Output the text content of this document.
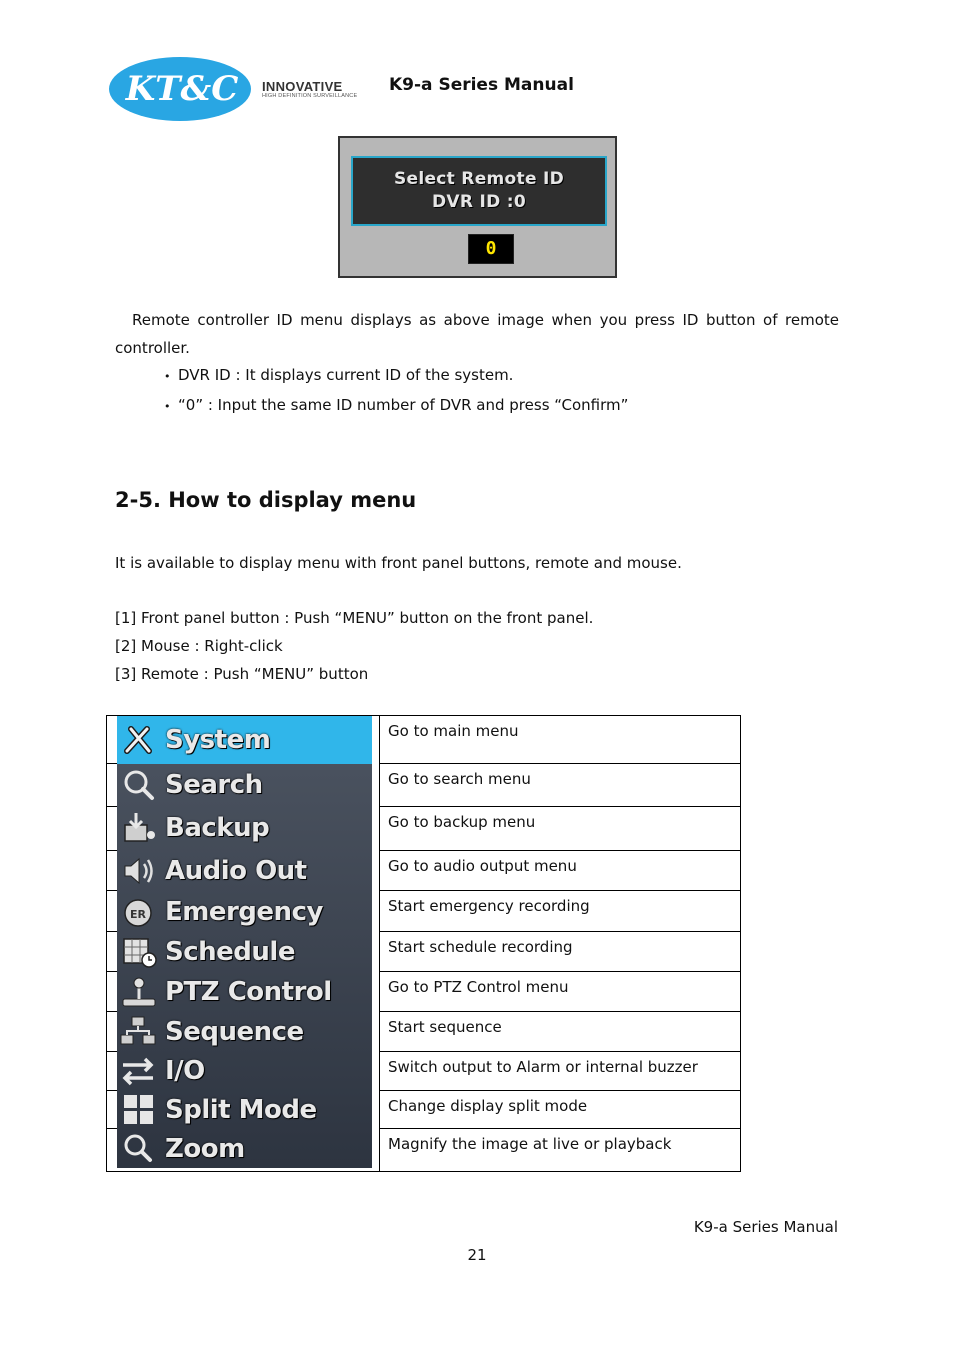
KT&C INNOVATIVE
HIGH DEFINITION SURVEILLANCE
K9-a Series Manual
Select Remote ID
DVR ID :0
0
Remote controller ID menu displays as above image when you press ID button of remote controller.
• DVR ID : It displays current ID of the system.
• “0” : Input the same ID number of DVR and press “Confirm”
2-5. How to display menu
It is available to display menu with front panel buttons, remote and mouse.
[1] Front panel button : Push “MENU” button on the front panel.
[2] Mouse : Right-click
[3] Remote : Push “MENU” button
System
Search
Backup
Audio Out
ER Emergency
Schedule
PTZ Control
Sequence
I/O
Split Mode
Zoom
Go to main menu
Go to search menu
Go to backup menu
Go to audio output menu
Start emergency recording
Start schedule recording
Go to PTZ Control menu
Start sequence
Switch output to Alarm or internal buzzer
Change display split mode
Magnify the image at live or playback
K9-a Series Manual
21
